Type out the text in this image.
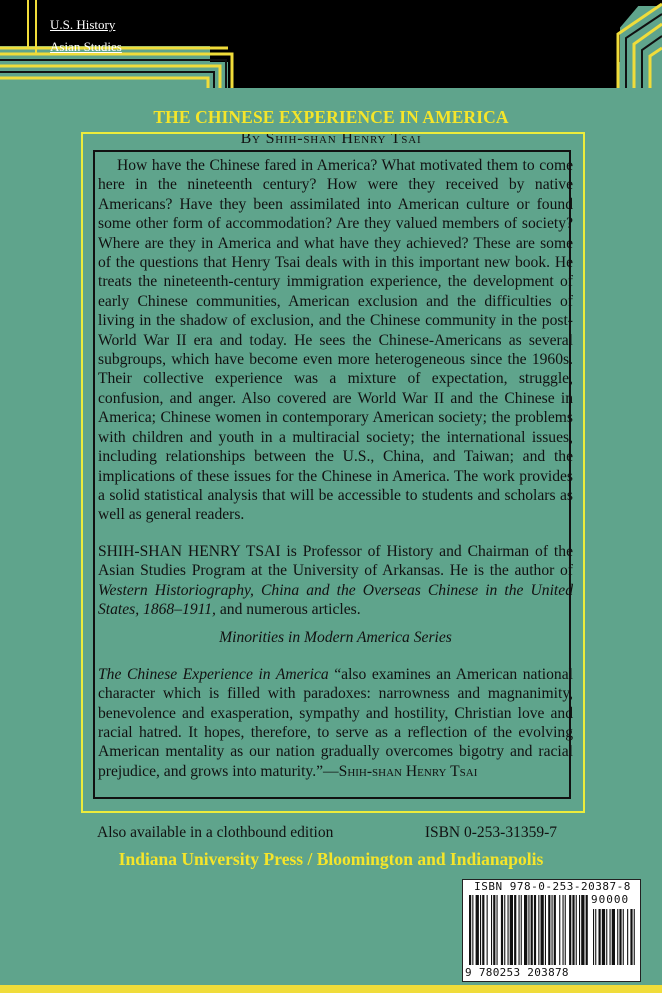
U.S. History
Asian Studies
THE CHINESE EXPERIENCE IN AMERICA
By Shih-shan Henry Tsai

How have the Chinese fared in America? What motivated them to come here in the nineteenth century? How were they received by native Americans? Have they been assimilated into American culture or found some other form of accommodation? Are they valued members of society? Where are they in America and what have they achieved? These are some of the questions that Henry Tsai deals with in this important new book. He treats the nineteenth-century immigration experience, the development of early Chinese communities, American exclusion and the difficulties of living in the shadow of exclusion, and the Chinese community in the post-World War II era and today. He sees the Chinese-Americans as several subgroups, which have become even more heterogeneous since the 1960s. Their collective experience was a mixture of expectation, struggle, confusion, and anger. Also covered are World War II and the Chinese in America; Chinese women in contemporary American society; the problems with children and youth in a multiracial society; the international issues, including relationships between the U.S., China, and Taiwan; and the implications of these issues for the Chinese in America. The work provides a solid statistical analysis that will be accessible to students and scholars as well as general readers.

SHIH-SHAN HENRY TSAI is Professor of History and Chairman of the Asian Studies Program at the University of Arkansas. He is the author of Western Historiography, China and the Overseas Chinese in the United States, 1868–1911, and numerous articles.

Minorities in Modern America Series

The Chinese Experience in America “also examines an American national character which is filled with paradoxes: narrowness and magnanimity, benevolence and exasperation, sympathy and hostility, Christian love and racial hatred. It hopes, therefore, to serve as a reflection of the evolving American mentality as our nation gradually overcomes bigotry and racial prejudice, and grows into maturity.”—Shih-shan Henry Tsai

Also available in a clothbound edition	ISBN 0-253-31359-7
Indiana University Press / Bloomington and Indianapolis
ISBN 978-0-253-20387-8
90000
9 780253 203878
